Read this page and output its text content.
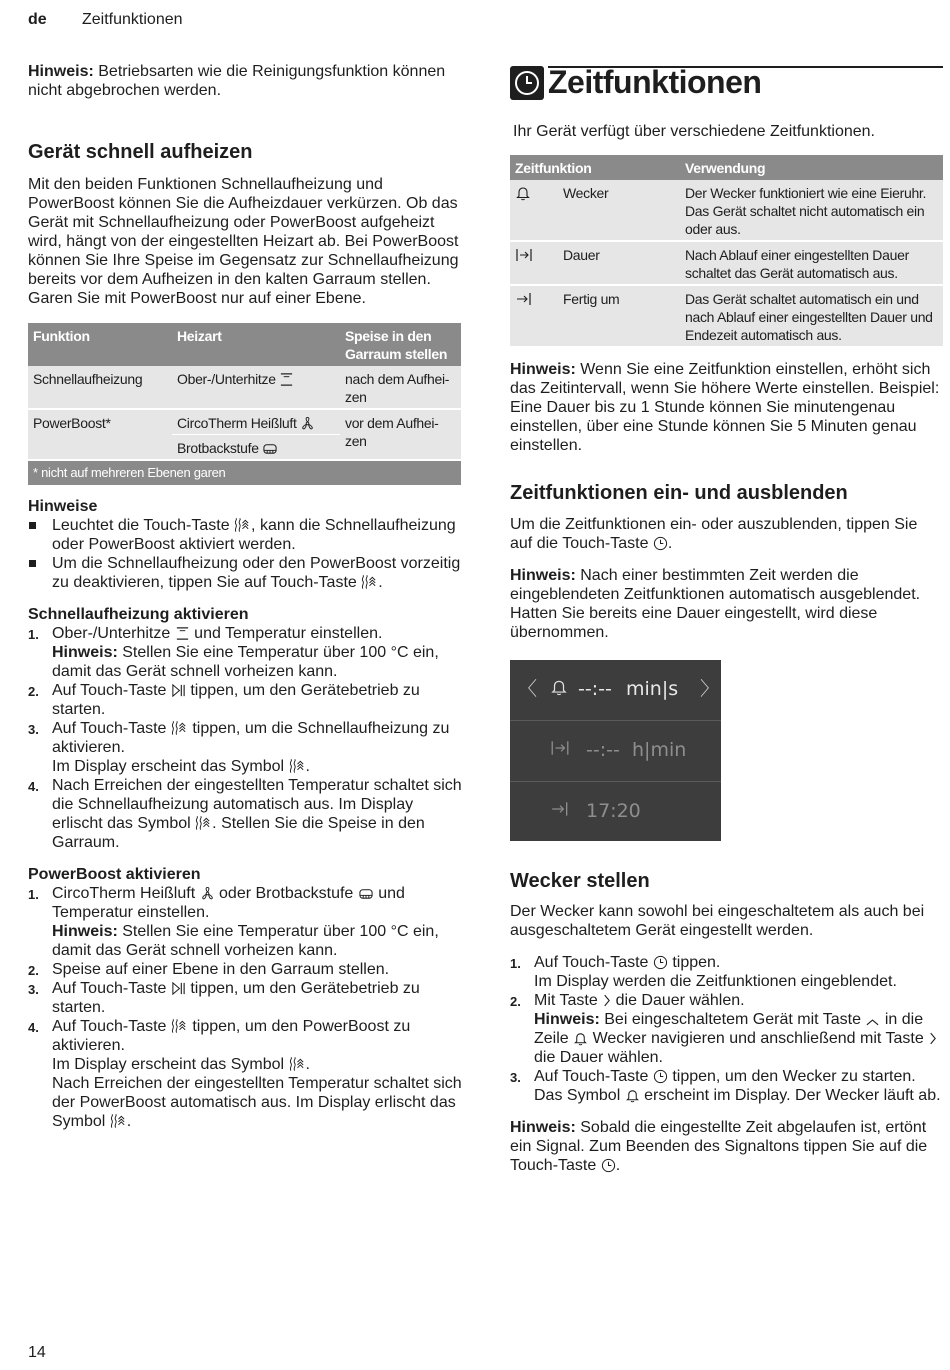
de Zeitfunktionen

Hinweis: Betriebsarten wie die Reinigungsfunktion können nicht abgebrochen werden.

Gerät schnell aufheizen

Mit den beiden Funktionen Schnellaufheizung und PowerBoost können Sie die Aufheizdauer verkürzen. Ob das Gerät mit Schnellaufheizung oder PowerBoost aufgeheizt wird, hängt von der eingestellten Heizart ab. Bei PowerBoost können Sie Ihre Speise im Gegensatz zur Schnellaufheizung bereits vor dem Aufheizen in den kalten Garraum stellen. Garen Sie mit PowerBoost nur auf einer Ebene.

Funktion	Heizart	Speise in den Garraum stellen
Schnellaufheizung	Ober-/Unterhitze	nach dem Aufhei-zen
PowerBoost*	CircoTherm Heißluft	vor dem Aufhei-zen
	Brotbackstufe	
* nicht auf mehreren Ebenen garen		
Hinweise
Leuchtet die Touch-Taste , kann die Schnellaufheizung oder PowerBoost aktiviert werden.
Um die Schnellaufheizung oder den PowerBoost vorzeitig zu deaktivieren, tippen Sie auf Touch-Taste .
Schnellaufheizung aktivieren
1. Ober-/Unterhitze  und Temperatur einstellen.
Hinweis: Stellen Sie eine Temperatur über 100 °C ein, damit das Gerät schnell vorheizen kann.
2. Auf Touch-Taste  tippen, um den Gerätebetrieb zu starten.
3. Auf Touch-Taste  tippen, um die Schnellaufheizung zu aktivieren.
Im Display erscheint das Symbol .
4. Nach Erreichen der eingestellten Temperatur schaltet sich die Schnellaufheizung automatisch aus. Im Display erlischt das Symbol . Stellen Sie die Speise in den Garraum.
PowerBoost aktivieren
1. CircoTherm Heißluft  oder Brotbackstufe  und Temperatur einstellen.
Hinweis: Stellen Sie eine Temperatur über 100 °C ein, damit das Gerät schnell vorheizen kann.
2. Speise auf einer Ebene in den Garraum stellen.
3. Auf Touch-Taste  tippen, um den Gerätebetrieb zu starten.
4. Auf Touch-Taste  tippen, um den PowerBoost zu aktivieren.
Im Display erscheint das Symbol .
Nach Erreichen der eingestellten Temperatur schaltet sich der PowerBoost automatisch aus. Im Display erlischt das Symbol .
Zeitfunktionen

Ihr Gerät verfügt über verschiedene Zeitfunktionen.

Zeitfunktion		Verwendung
	Wecker	Der Wecker funktioniert wie eine Eieruhr. Das Gerät schaltet nicht automatisch ein oder aus.
	Dauer	Nach Ablauf einer eingestellten Dauer schaltet das Gerät automatisch aus.
	Fertig um	Das Gerät schaltet automatisch ein und nach Ablauf einer eingestellten Dauer und Endezeit automatisch aus.

Hinweis: Wenn Sie eine Zeitfunktion einstellen, erhöht sich das Zeitintervall, wenn Sie höhere Werte einstellen. Beispiel: Eine Dauer bis zu 1 Stunde können Sie minutengenau einstellen, über eine Stunde können Sie 5 Minuten genau einstellen.

Zeitfunktionen ein- und ausblenden

Um die Zeitfunktionen ein- oder auszublenden, tippen Sie auf die Touch-Taste .

Hinweis: Nach einer bestimmten Zeit werden die eingeblendeten Zeitfunktionen automatisch ausgeblendet. Hatten Sie bereits eine Dauer eingestellt, wird diese übernommen.

〈 --:-- min|s 〉
--:-- h|min
17:20
Wecker stellen

Der Wecker kann sowohl bei eingeschaltetem als auch bei ausgeschaltetem Gerät eingestellt werden.

1. Auf Touch-Taste  tippen.
Im Display werden die Zeitfunktionen eingeblendet.
2. Mit Taste  die Dauer wählen.
Hinweis: Bei eingeschaltetem Gerät mit Taste  in die Zeile  Wecker navigieren und anschließend mit Taste  die Dauer wählen.
3. Auf Touch-Taste  tippen, um den Wecker zu starten.
Das Symbol  erscheint im Display. Der Wecker läuft ab.

Hinweis: Sobald die eingestellte Zeit abgelaufen ist, ertönt ein Signal. Zum Beenden des Signaltons tippen Sie auf die Touch-Taste .

14
